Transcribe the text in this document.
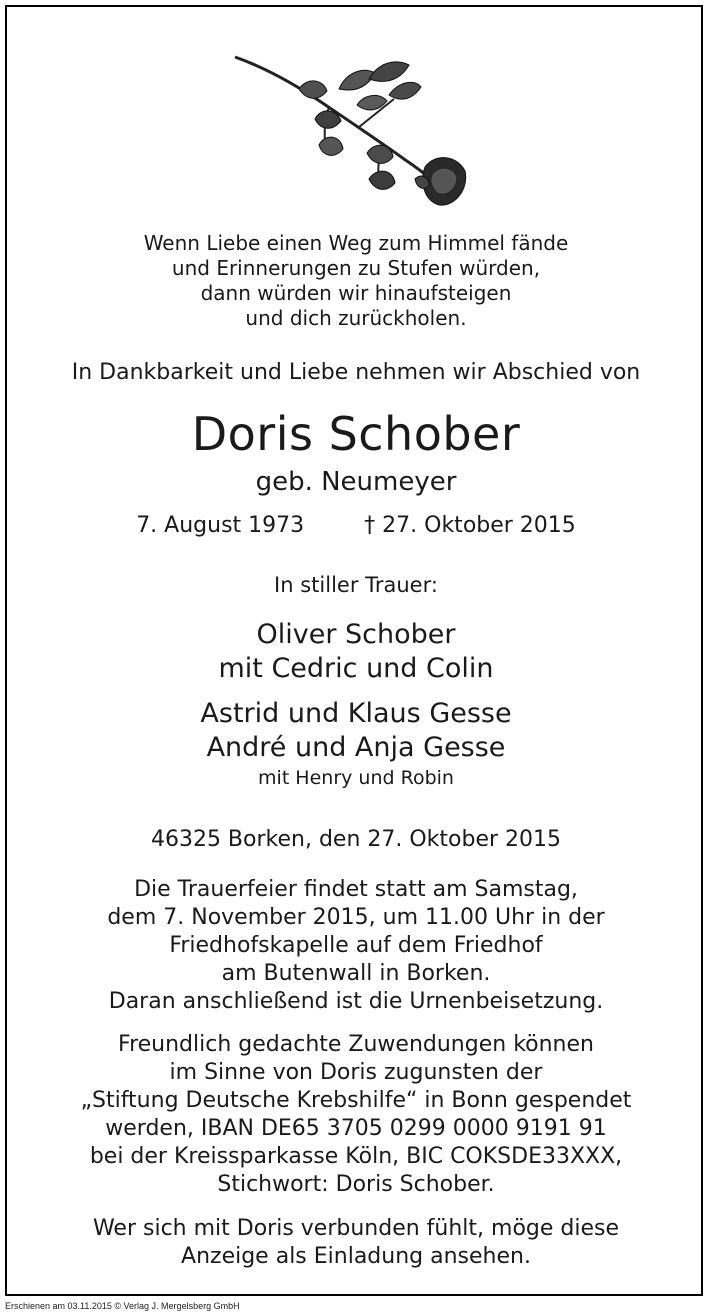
Wenn Liebe einen Weg zum Himmel fände
und Erinnerungen zu Stufen würden,
dann würden wir hinaufsteigen
und dich zurückholen.
In Dankbarkeit und Liebe nehmen wir Abschied von
Doris Schober
geb. Neumeyer
7. August 1973	† 27. Oktober 2015
In stiller Trauer:
Oliver Schober
mit Cedric und Colin
Astrid und Klaus Gesse
André und Anja Gesse
mit Henry und Robin
46325 Borken, den 27. Oktober 2015
Die Trauerfeier findet statt am Samstag,
dem 7. November 2015, um 11.00 Uhr in der
Friedhofskapelle auf dem Friedhof
am Butenwall in Borken.
Daran anschließend ist die Urnenbeisetzung.
Freundlich gedachte Zuwendungen können
im Sinne von Doris zugunsten der
„Stiftung Deutsche Krebshilfe“ in Bonn gespendet
werden, IBAN DE65 3705 0299 0000 9191 91
bei der Kreissparkasse Köln, BIC COKSDE33XXX,
Stichwort: Doris Schober.
Wer sich mit Doris verbunden fühlt, möge diese
Anzeige als Einladung ansehen.
Erschienen am 03.11.2015 © Verlag J. Mergelsberg GmbH
